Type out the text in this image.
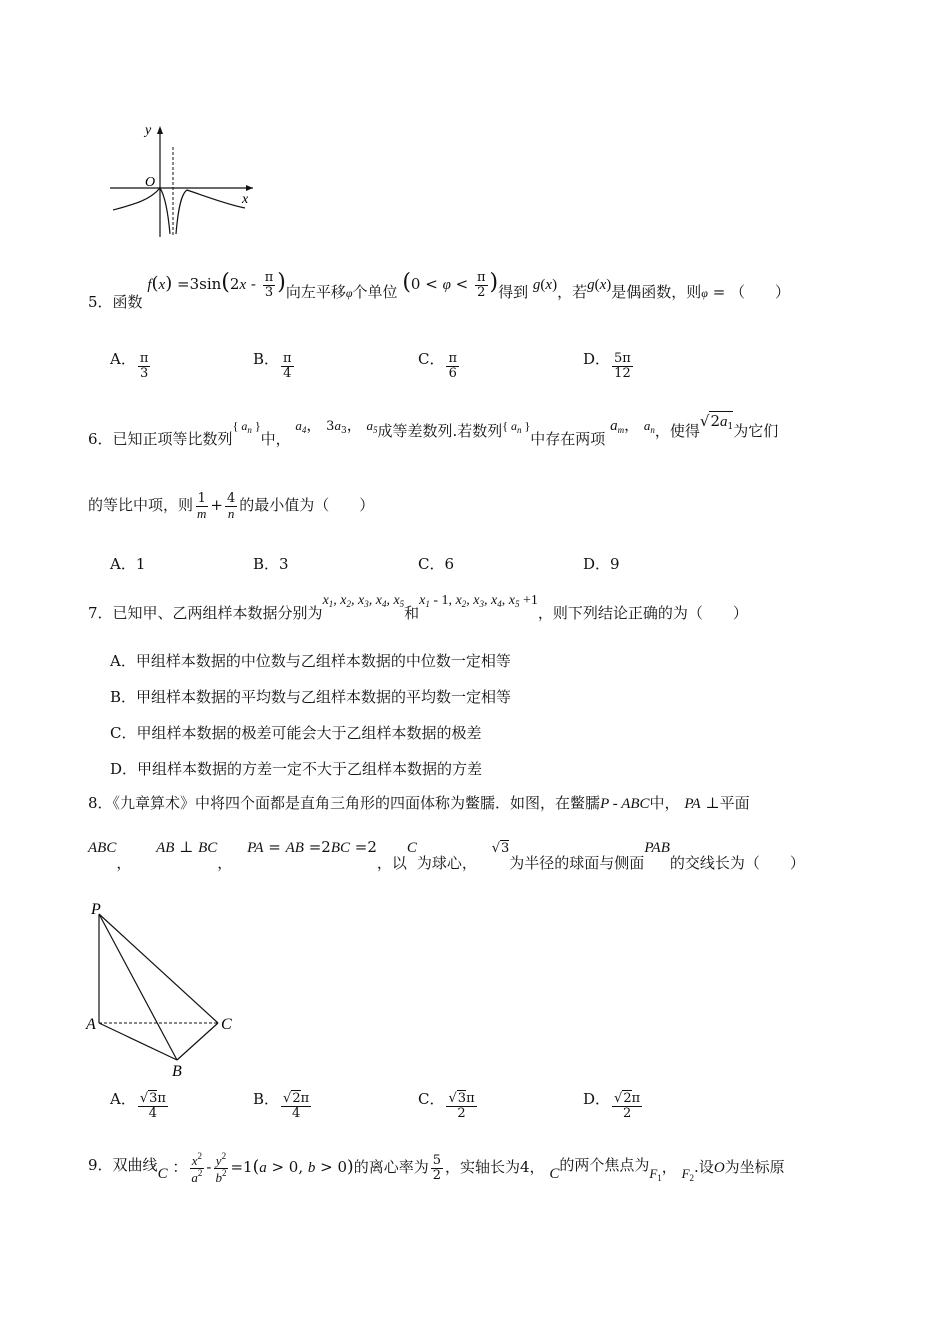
y
x
O
5．函数 $f(x) =3\sin(2x - \frac{\pi}{3}$ )向左平移φ个单位 ($0 < \varphi < \frac{\pi}{2}$ )得到 g(x)，若g(x)是偶函数，则φ = （　　）
A． $\frac{\pi}{3}$	B． $\frac{\pi}{4}$	C． $\frac{\pi}{6}$	D． $\frac{5\pi}{12}$
6．已知正项等比数列{ $a_n$ }中， $a_4$， $3a_3$， $a_5$成等差数列.若数列{ $a_n$ }中存在两项 $a_m$， $a_n$，使得$√2a_1$为它们
的等比中项，则 $\frac{1}{m} + \frac{4}{n}$ 的最小值为（　　）
A．1	B．3	C．6	D．9
7．已知甲、乙两组样本数据分别为$x_1$, $x_2$, $x_3$, $x_4$, $x_5$和$x_1 - 1$, $x_2$, $x_3$, $x_4$, $x_5 +1$，则下列结论正确的为（　　）
A．甲组样本数据的中位数与乙组样本数据的中位数一定相等
B．甲组样本数据的平均数与乙组样本数据的平均数一定相等
C．甲组样本数据的极差可能会大于乙组样本数据的极差
D．甲组样本数据的方差一定不大于乙组样本数据的方差
8．《九章算术》中将四个面都是直角三角形的四面体称为鳖臑．如图，在鳖臑P - ABC中， PA ⊥平面
ABC， AB ⊥ BC， PA = AB =2BC =2，以C为球心， √3为半径的球面与侧面PAB的交线长为（　　）
P
A	C
B
A． $\frac{√3\pi}{4}$	B． $\frac{√2\pi}{4}$	C． $\frac{√3\pi}{2}$	D． $\frac{√2\pi}{2}$
9．双曲线C ： $\frac{x^2}{a^2} - \frac{y^2}{b^2} =1(a > 0$, b > 0)的离心率为 $\frac{5}{2}$ ，实轴长为4， C的两个焦点为$F_1$， $F_2$.设O为坐标原
